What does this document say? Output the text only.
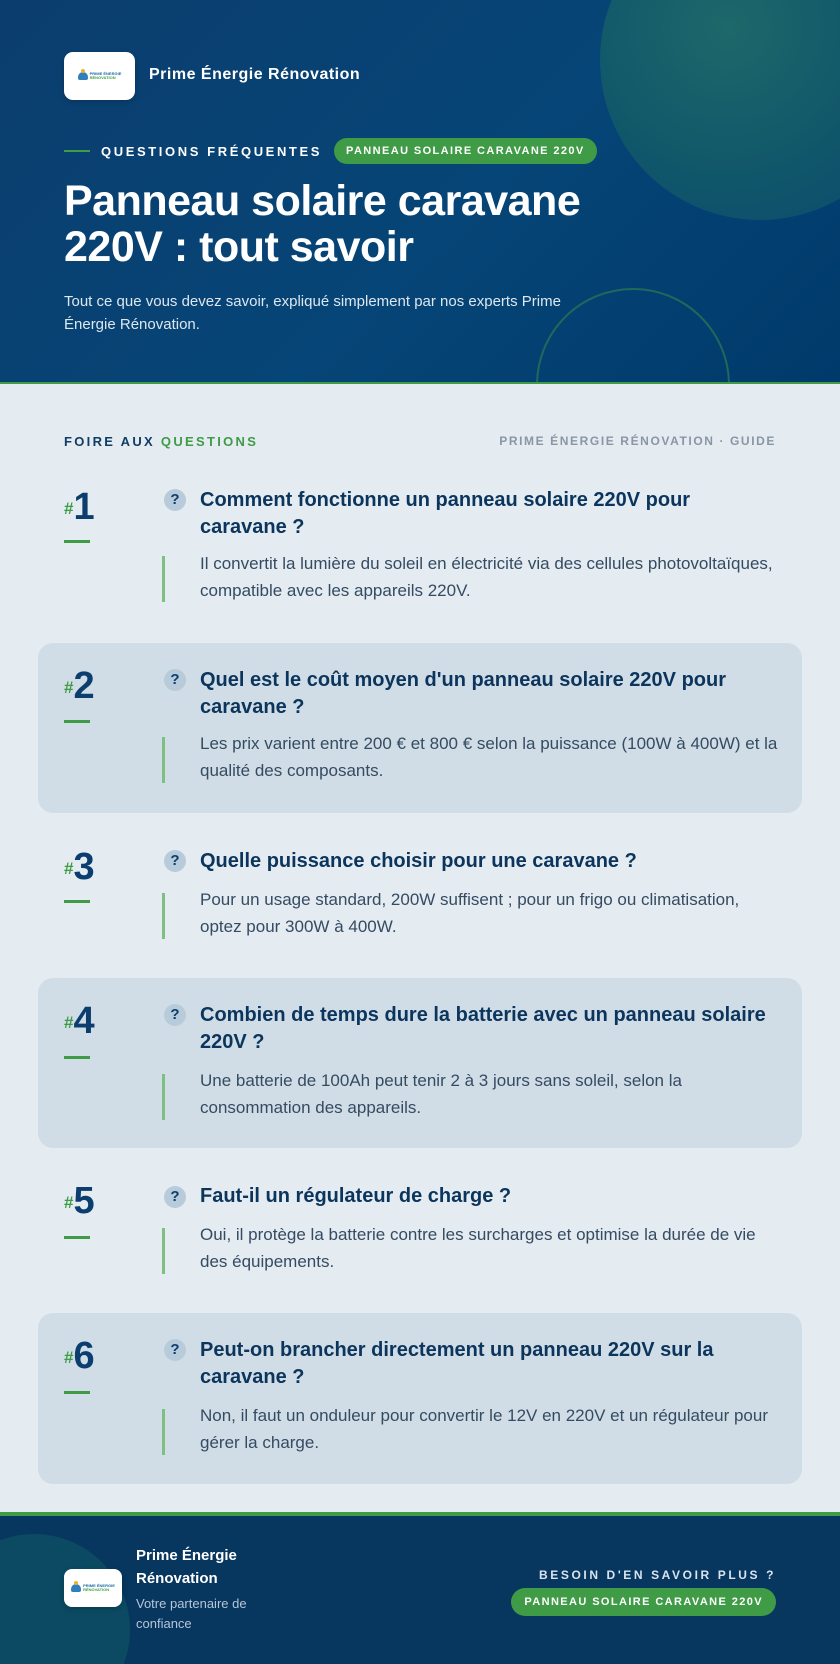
PRIME ÉNERGIE
RÉNOVATION	Prime Énergie Rénovation
QUESTIONS FRÉQUENTES	PANNEAU SOLAIRE CARAVANE 220V
Panneau solaire caravane 220V : tout savoir

Tout ce que vous devez savoir, expliqué simplement par nos experts Prime Énergie Rénovation.

FOIRE AUX QUESTIONS	PRIME ÉNERGIE RÉNOVATION · GUIDE
#1	?	Comment fonctionne un panneau solaire 220V pour caravane ?
Il convertit la lumière du soleil en électricité via des cellules photovoltaïques, compatible avec les appareils 220V.
#2	?	Quel est le coût moyen d'un panneau solaire 220V pour caravane ?
Les prix varient entre 200 € et 800 € selon la puissance (100W à 400W) et la qualité des composants.
#3	?	Quelle puissance choisir pour une caravane ?
Pour un usage standard, 200W suffisent ; pour un frigo ou climatisation, optez pour 300W à 400W.
#4	?	Combien de temps dure la batterie avec un panneau solaire 220V ?
Une batterie de 100Ah peut tenir 2 à 3 jours sans soleil, selon la consommation des appareils.
#5	?	Faut-il un régulateur de charge ?
Oui, il protège la batterie contre les surcharges et optimise la durée de vie des équipements.
#6	?	Peut-on brancher directement un panneau 220V sur la caravane ?
Non, il faut un onduleur pour convertir le 12V en 220V et un régulateur pour gérer la charge.
PRIME ÉNERGIE
RÉNOVATION
Prime Énergie Rénovation
Votre partenaire de confiance
BESOIN D'EN SAVOIR PLUS ?
PANNEAU SOLAIRE CARAVANE 220V
